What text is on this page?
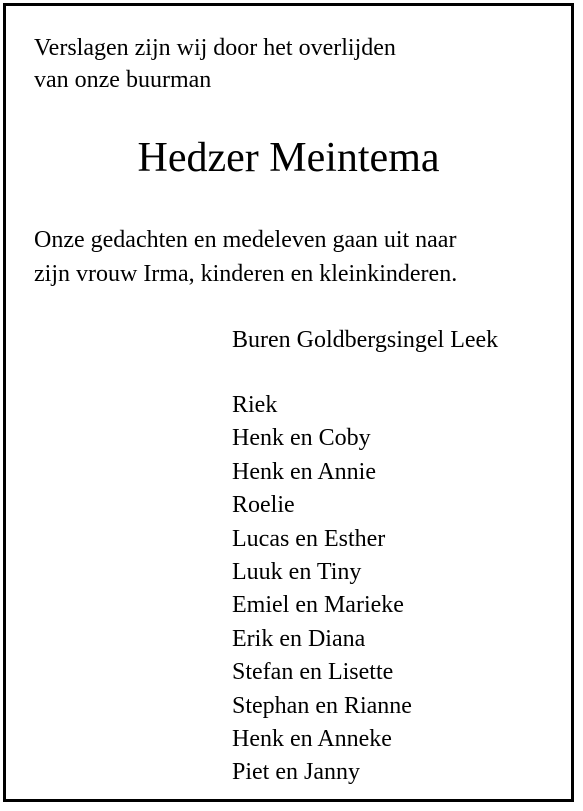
Verslagen zijn wij door het overlijden
van onze buurman

Hedzer Meintema

Onze gedachten en medeleven gaan uit naar
zijn vrouw Irma, kinderen en kleinkinderen.

Buren Goldbergsingel Leek

Riek
Henk en Coby
Henk en Annie
Roelie
Lucas en Esther
Luuk en Tiny
Emiel en Marieke
Erik en Diana
Stefan en Lisette
Stephan en Rianne
Henk en Anneke
Piet en Janny
